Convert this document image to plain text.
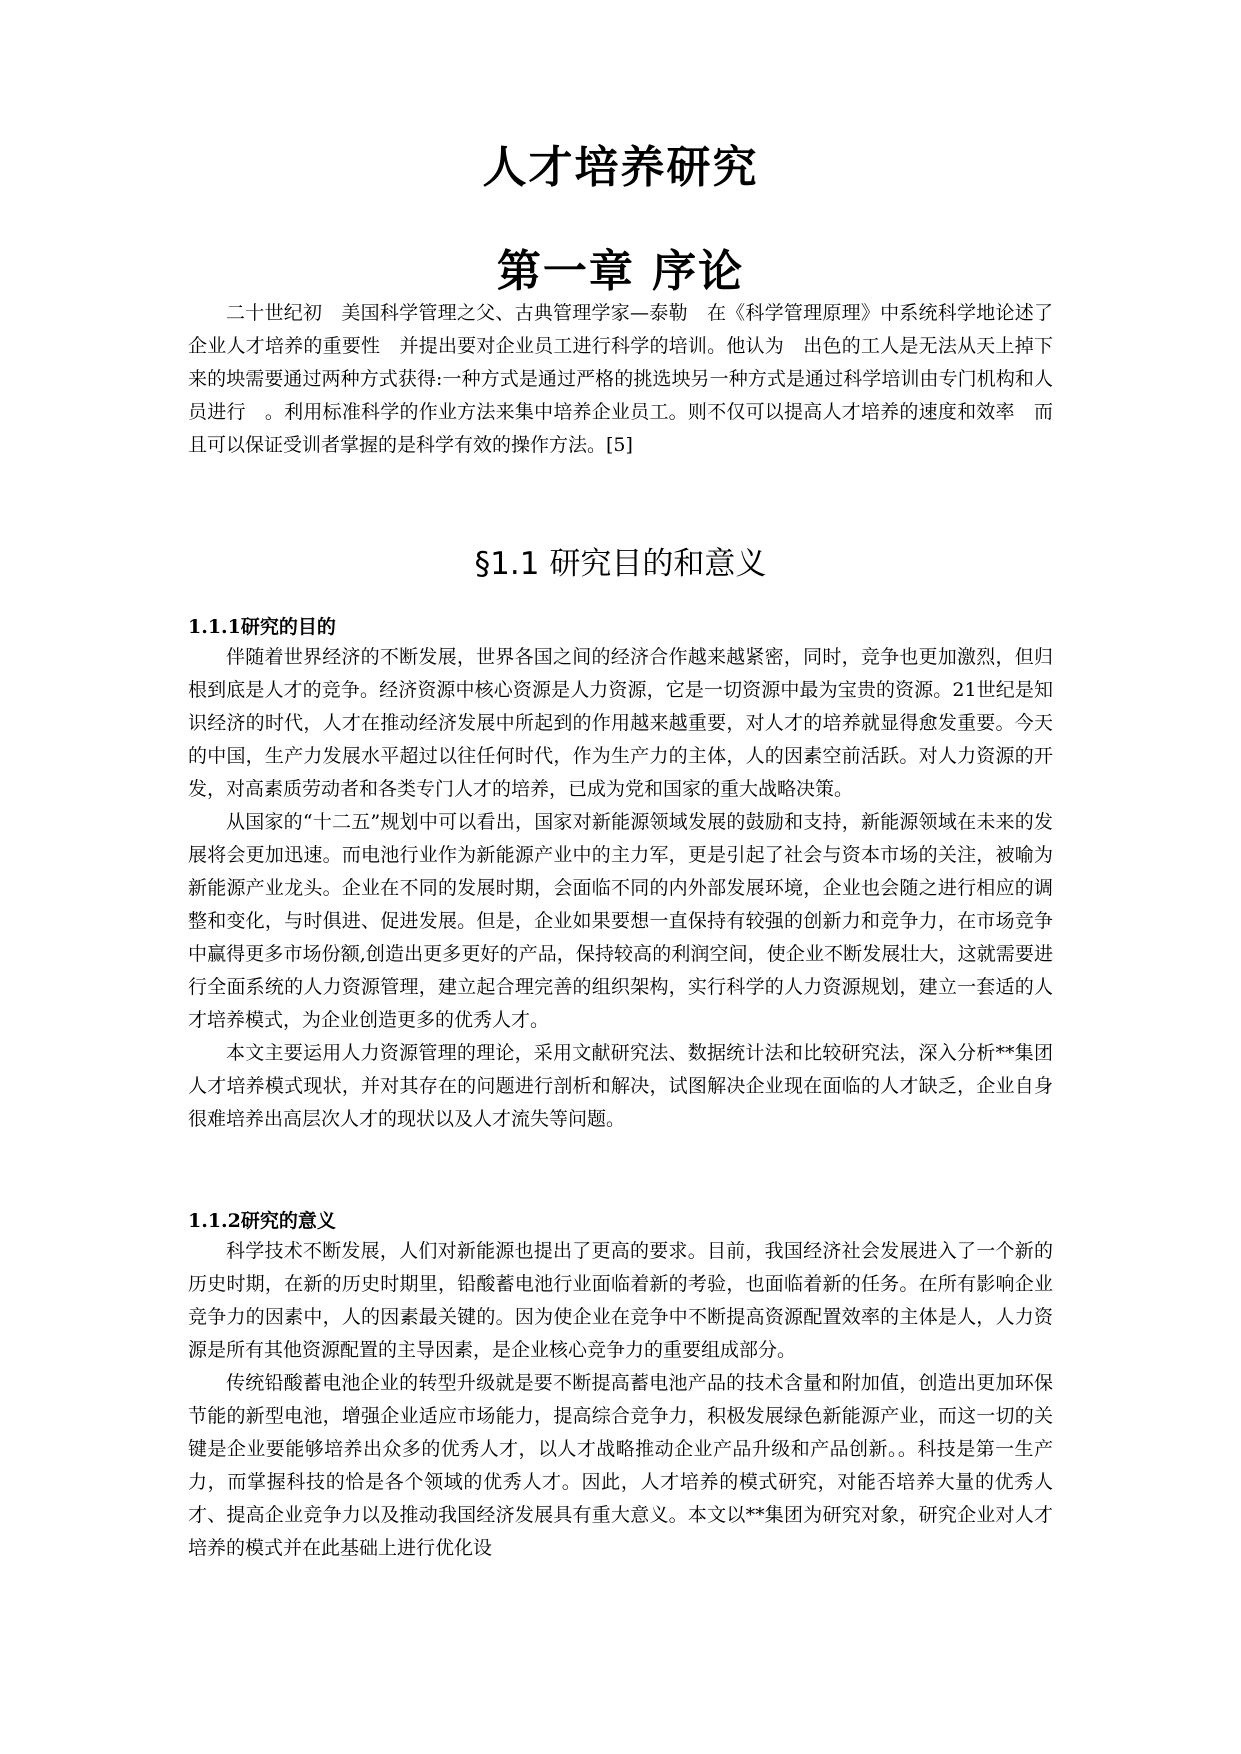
人才培养研究
第一章 序论

二十世纪初　美国科学管理之父、古典管理学家—泰勒　在《科学管理原理》中系统科学地论述了企业人才培养的重要性　并提出要对企业员工进行科学的培训。他认为　出色的工人是无法从天上掉下来的坱需要通过两种方式获得:一种方式是通过严格的挑选坱另一种方式是通过科学培训由专门机构和人员进行　。利用标准科学的作业方法来集中培养企业员工。则不仅可以提高人才培养的速度和效率　而且可以保证受训者掌握的是科学有效的操作方法。[5]

§1.1 研究目的和意义

1.1.1研究的目的

伴随着世界经济的不断发展，世界各国之间的经济合作越来越紧密，同时，竞争也更加激烈，但归根到底是人才的竞争。经济资源中核心资源是人力资源，它是一切资源中最为宝贵的资源。21世纪是知识经济的时代，人才在推动经济发展中所起到的作用越来越重要，对人才的培养就显得愈发重要。今天的中国，生产力发展水平超过以往任何时代，作为生产力的主体，人的因素空前活跃。对人力资源的开发，对高素质劳动者和各类专门人才的培养，已成为党和国家的重大战略决策。

从国家的“十二五”规划中可以看出，国家对新能源领域发展的鼓励和支持，新能源领域在未来的发展将会更加迅速。而电池行业作为新能源产业中的主力军，更是引起了社会与资本市场的关注，被喻为新能源产业龙头。企业在不同的发展时期，会面临不同的内外部发展环境，企业也会随之进行相应的调整和变化，与时俱进、促进发展。但是，企业如果要想一直保持有较强的创新力和竞争力，在市场竞争中赢得更多市场份额,创造出更多更好的产品，保持较高的利润空间，使企业不断发展壮大，这就需要进行全面系统的人力资源管理，建立起合理完善的组织架构，实行科学的人力资源规划，建立一套适的人才培养模式，为企业创造更多的优秀人才。

本文主要运用人力资源管理的理论，采用文献研究法、数据统计法和比较研究法，深入分析**集团人才培养模式现状，并对其存在的问题进行剖析和解决，试图解决企业现在面临的人才缺乏，企业自身很难培养出高层次人才的现状以及人才流失等问题。

1.1.2研究的意义

科学技术不断发展，人们对新能源也提出了更高的要求。目前，我国经济社会发展进入了一个新的历史时期，在新的历史时期里，铅酸蓄电池行业面临着新的考验，也面临着新的任务。在所有影响企业竞争力的因素中，人的因素最关键的。因为使企业在竞争中不断提高资源配置效率的主体是人，人力资源是所有其他资源配置的主导因素，是企业核心竞争力的重要组成部分。

传统铅酸蓄电池企业的转型升级就是要不断提高蓄电池产品的技术含量和附加值，创造出更加环保节能的新型电池，增强企业适应市场能力，提高综合竞争力，积极发展绿色新能源产业，而这一切的关键是企业要能够培养出众多的优秀人才，以人才战略推动企业产品升级和产品创新。。科技是第一生产力，而掌握科技的恰是各个领域的优秀人才。因此，人才培养的模式研究，对能否培养大量的优秀人才、提高企业竞争力以及推动我国经济发展具有重大意义。本文以**集团为研究对象，研究企业对人才培养的模式并在此基础上进行优化设
